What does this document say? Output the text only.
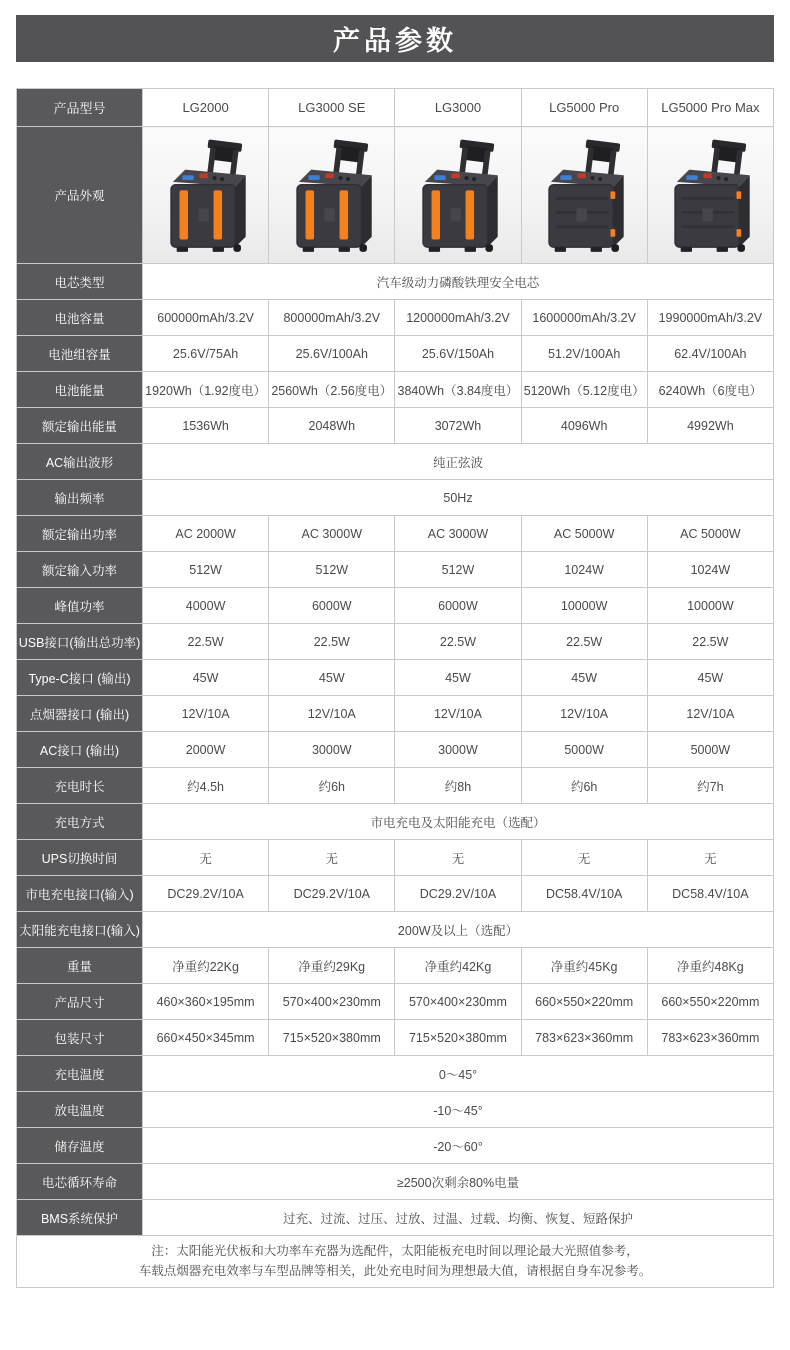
产品参数
产品型号	LG2000	LG3000 SE	LG3000	LG5000 Pro	LG5000 Pro Max
产品外观	

电芯类型	汽车级动力磷酸铁理安全电芯				
电池容量	600000mAh/3.2V	800000mAh/3.2V	1200000mAh/3.2V	1600000mAh/3.2V	1990000mAh/3.2V
电池组容量	25.6V/75Ah	25.6V/100Ah	25.6V/150Ah	51.2V/100Ah	62.4V/100Ah
电池能量	1920Wh（1.92度电）	2560Wh（2.56度电）	3840Wh（3.84度电）	5120Wh（5.12度电）	6240Wh（6度电）
额定输出能量	1536Wh	2048Wh	3072Wh	4096Wh	4992Wh
AC输出波形	纯正弦波				
输出频率	50Hz				
额定输出功率	AC 2000W	AC 3000W	AC 3000W	AC 5000W	AC 5000W
额定输入功率	512W	512W	512W	1024W	1024W
峰值功率	4000W	6000W	6000W	10000W	10000W
USB接口(输出总功率)	22.5W	22.5W	22.5W	22.5W	22.5W
Type-C接口 (输出)	45W	45W	45W	45W	45W
点烟器接口 (输出)	12V/10A	12V/10A	12V/10A	12V/10A	12V/10A
AC接口 (输出)	2000W	3000W	3000W	5000W	5000W
充电时长	约4.5h	约6h	约8h	约6h	约7h
充电方式	市电充电及太阳能充电（选配）				
UPS切换时间	无	无	无	无	无
市电充电接口(输入)	DC29.2V/10A	DC29.2V/10A	DC29.2V/10A	DC58.4V/10A	DC58.4V/10A
太阳能充电接口(输入)	200W及以上（选配）				
重量	净重约22Kg	净重约29Kg	净重约42Kg	净重约45Kg	净重约48Kg
产品尺寸	460×360×195mm	570×400×230mm	570×400×230mm	660×550×220mm	660×550×220mm
包装尺寸	660×450×345mm	715×520×380mm	715×520×380mm	783×623×360mm	783×623×360mm
充电温度	0～45°				
放电温度	-10～45°				
储存温度	-20～60°				
电芯循环寿命	≥2500次剩余80%电量				
BMS系统保护	过充、过流、过压、过放、过温、过载、均衡、恢复、短路保护				

注：太阳能光伏板和大功率车充器为选配件，太阳能板充电时间以理论最大光照值参考，
车载点烟器充电效率与车型品牌等相关，此处充电时间为理想最大值，请根据自身车况参考。					
